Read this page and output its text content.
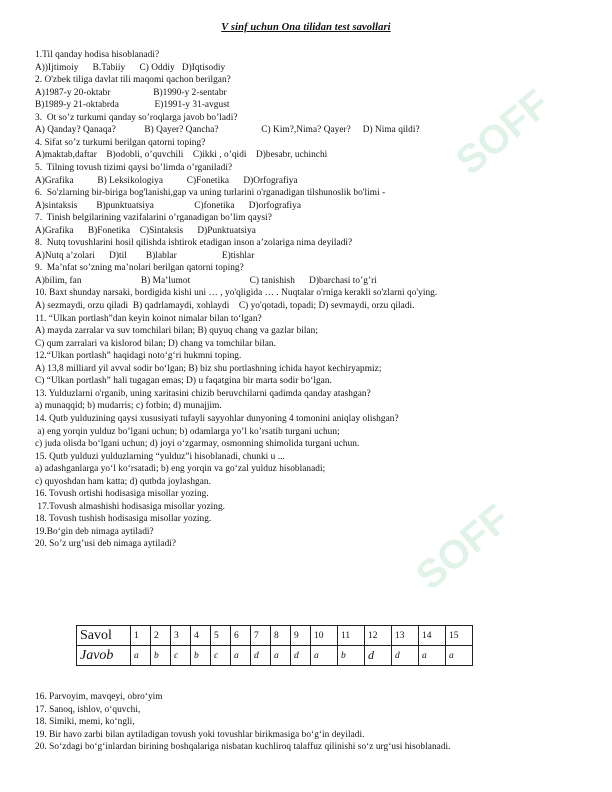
SOFF
SOFF
V sinf uchun Ona tilidan test savollari
1.Til qanday hodisa hisoblanadi?
A))Ijtimoiy      B.Tabiiy      C) Oddiy   D)Iqtisodiy
2. O'zbek tiliga davlat tili maqomi qachon berilgan?
A)1987-y 20-oktabr                  B)1990-y 2-sentabr
B)1989-y 21-oktabrda               E)1991-y 31-avgust
3.  Ot so’z turkumi qanday so’roqlarga javob bo’ladi?
A) Qanday? Qanaqa?            B) Qayer? Qancha?                  C) Kim?,Nima? Qayer?     D) Nima qildi?
4. Sifat so’z turkumi berilgan qatorni toping?
A)maktab,daftar    B)odobli, o’quvchili    C)ikki , o’qidi    D)besabr, uchinchi
5.  Tilning tovush tizimi qaysi bo’limda o’rganiladi?
A)Grafika          B) Leksikologiya          C)Fonetika      D)Orfografiya
6.  So'zlarning bir-biriga bog'lanishi,gap va uning turlarini o'rganadigan tilshunoslik bo'limi -
A)sintaksis        B)punktuatsiya                 C)fonetika      D)orfografiya
7.  Tinish belgilarining vazifalarini o’rganadigan bo’lim qaysi?
A)Grafika      B)Fonetika    C)Sintaksis      D)Punktuatsiya
8.  Nutq tovushlarini hosil qilishda ishtirok etadigan inson a’zolariga nima deyiladi?
A)Nutq a’zolari      D)til        B)lablar                   E)tishlar
9.  Ma’nfat so’zning ma’nolari berilgan qatorni toping?
A)bilim, fan                         B) Ma’lumot                         C) tanishish      D)barchasi to’g’ri
10. Baxt shunday narsaki, bordigida kishi uni … , yo'qligida … . Nuqtalar o'rniga kerakli so'zlarni qo'ying.
A) sezmaydi, orzu qiladi  B) qadrlamaydi, xohlaydi    C) yo'qotadi, topadi; D) sevmaydi, orzu qiladi.
11. “Ulkan portlash”dan keyin koinot nimalar bilan to‘lgan?
A) mayda zarralar va suv tomchilari bilan; B) quyuq chang va gazlar bilan;
C) qum zarralari va kislorod bilan; D) chang va tomchilar bilan.
12.“Ulkan portlash” haqidagi noto‘g‘ri hukmni toping.
A) 13,8 milliard yil avval sodir bo‘lgan; B) biz shu portlashning ichida hayot kechiryapmiz;
C) “Ulkan portlash” hali tugagan emas; D) u faqatgina bir marta sodir bo‘lgan.
13. Yulduzlarni o'rganib, uning xaritasini chizib beruvchilarni qadimda qanday atashgan?
a) munaqqid; b) mudarris; c) fotbin; d) munajjim.
14. Qutb yulduzining qaysi xususiyati tufayli sayyohlar dunyoning 4 tomonini aniqlay olishgan?
a) eng yorqin yulduz bo’lgani uchun; b) odamlarga yo’l ko’rsatib turgani uchun;
c) juda olisda bo‘lgani uchun; d) joyi o‘zgarmay, osmonning shimolida turgani uchun.
15. Qutb yulduzi yulduzlarning “yulduz”i hisoblanadi, chunki u ...
a) adashganlarga yo‘l ko‘rsatadi; b) eng yorqin va go‘zal yulduz hisoblanadi;
c) quyoshdan ham katta; d) qutbda joylashgan.
16. Tovush ortishi hodisasiga misollar yozing.
17.Tovush almashishi hodisasiga misollar yozing.
18. Tovush tushish hodisasiga misollar yozing.
19.Bo‘gin deb nimaga aytiladi?
20. So’z urg’usi deb nimaga aytiladi?
Savol	1	2	3	4	5	6	7	8	9	10	11	12	13	14	15
Javob	a	b	c	b	c	a	d	a	d	a	b	d	d	a	a
16. Parvoyim, mavqeyi, obro‘yim
17. Sanoq, ishlov, o‘quvchi,
18. Simiki, memi, ko‘ngli,
19. Bir havo zarbi bilan aytiladigan tovush yoki tovushlar birikmasiga bo‘g‘in deyiladi.
20. So‘zdagi bo‘g‘inlardan birining boshqalariga nisbatan kuchliroq talaffuz qilinishi so‘z urg‘usi hisoblanadi.
